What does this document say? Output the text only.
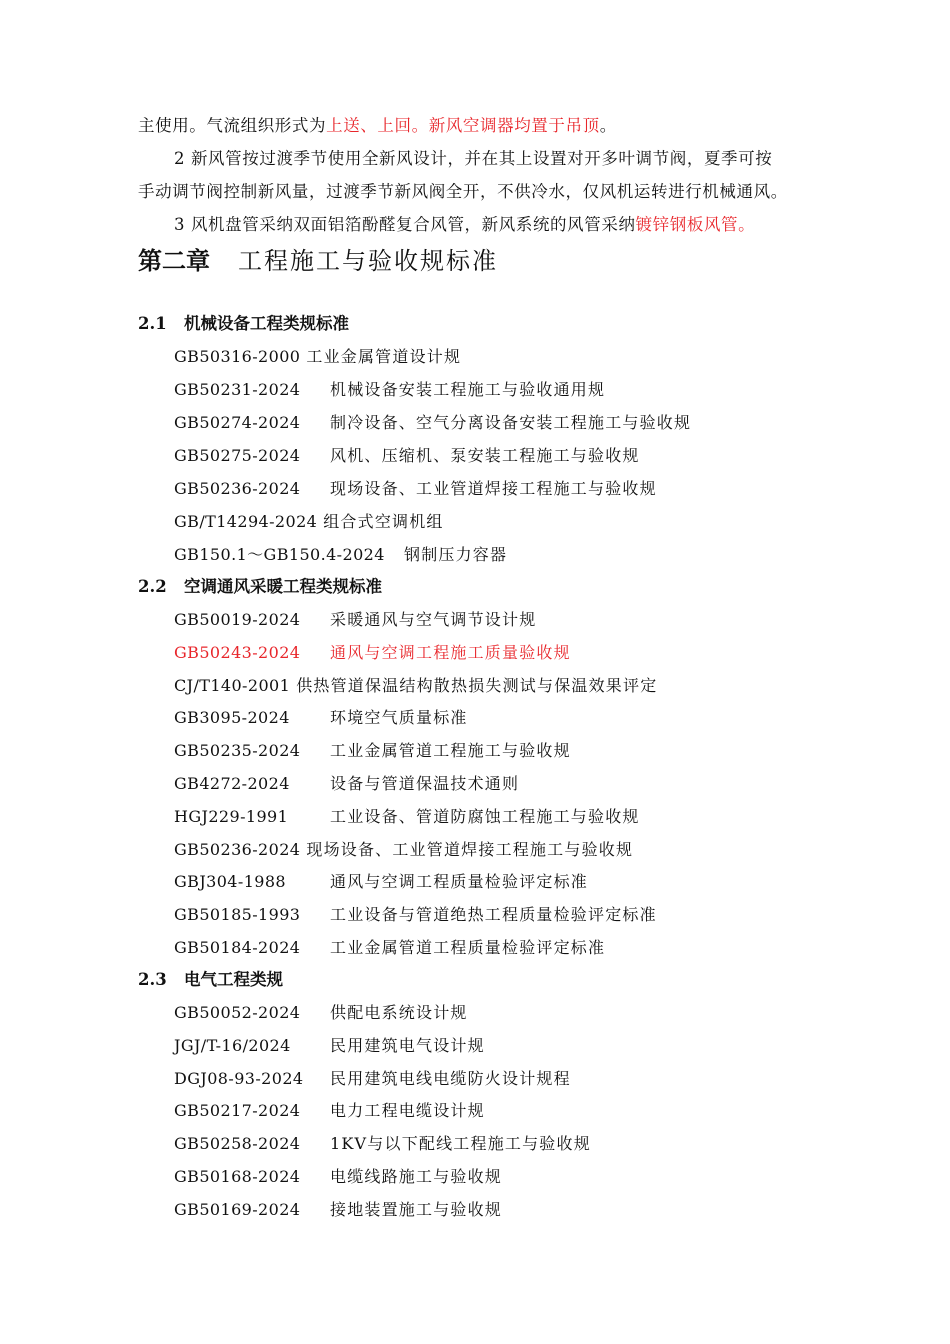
主使用。气流组织形式为上送、上回。新风空调器均置于吊顶。
2 新风管按过渡季节使用全新风设计，并在其上设置对开多叶调节阀，夏季可按
手动调节阀控制新风量，过渡季节新风阀全开，不供冷水，仅风机运转进行机械通风。
3 风机盘管采纳双面铝箔酚醛复合风管，新风系统的风管采纳镀锌钢板风管。
第二章 工程施工与验收规标准
2.1 机械设备工程类规标准
GB50316-2000 工业金属管道设计规
GB50231-2024 机械设备安装工程施工与验收通用规
GB50274-2024 制冷设备、空气分离设备安装工程施工与验收规
GB50275-2024 风机、压缩机、泵安装工程施工与验收规
GB50236-2024 现场设备、工业管道焊接工程施工与验收规
GB/T14294-2024 组合式空调机组
GB150.1～GB150.4-2024 钢制压力容器
2.2 空调通风采暖工程类规标准
GB50019-2024 采暖通风与空气调节设计规
GB50243-2024 通风与空调工程施工质量验收规
CJ/T140-2001 供热管道保温结构散热损失测试与保温效果评定
GB3095-2024	环境空气质量标准
GB50235-2024 工业金属管道工程施工与验收规
GB4272-2024	设备与管道保温技术通则
HGJ229-1991	工业设备、管道防腐蚀工程施工与验收规
GB50236-2024 现场设备、工业管道焊接工程施工与验收规
GBJ304-1988	通风与空调工程质量检验评定标准
GB50185-1993 工业设备与管道绝热工程质量检验评定标准
GB50184-2024 工业金属管道工程质量检验评定标准
2.3 电气工程类规
GB50052-2024 供配电系统设计规
JGJ/T-16/2024 民用建筑电气设计规
DGJ08-93-2024 民用建筑电线电缆防火设计规程
GB50217-2024 电力工程电缆设计规
GB50258-2024 1KV与以下配线工程施工与验收规
GB50168-2024 电缆线路施工与验收规
GB50169-2024 接地装置施工与验收规
